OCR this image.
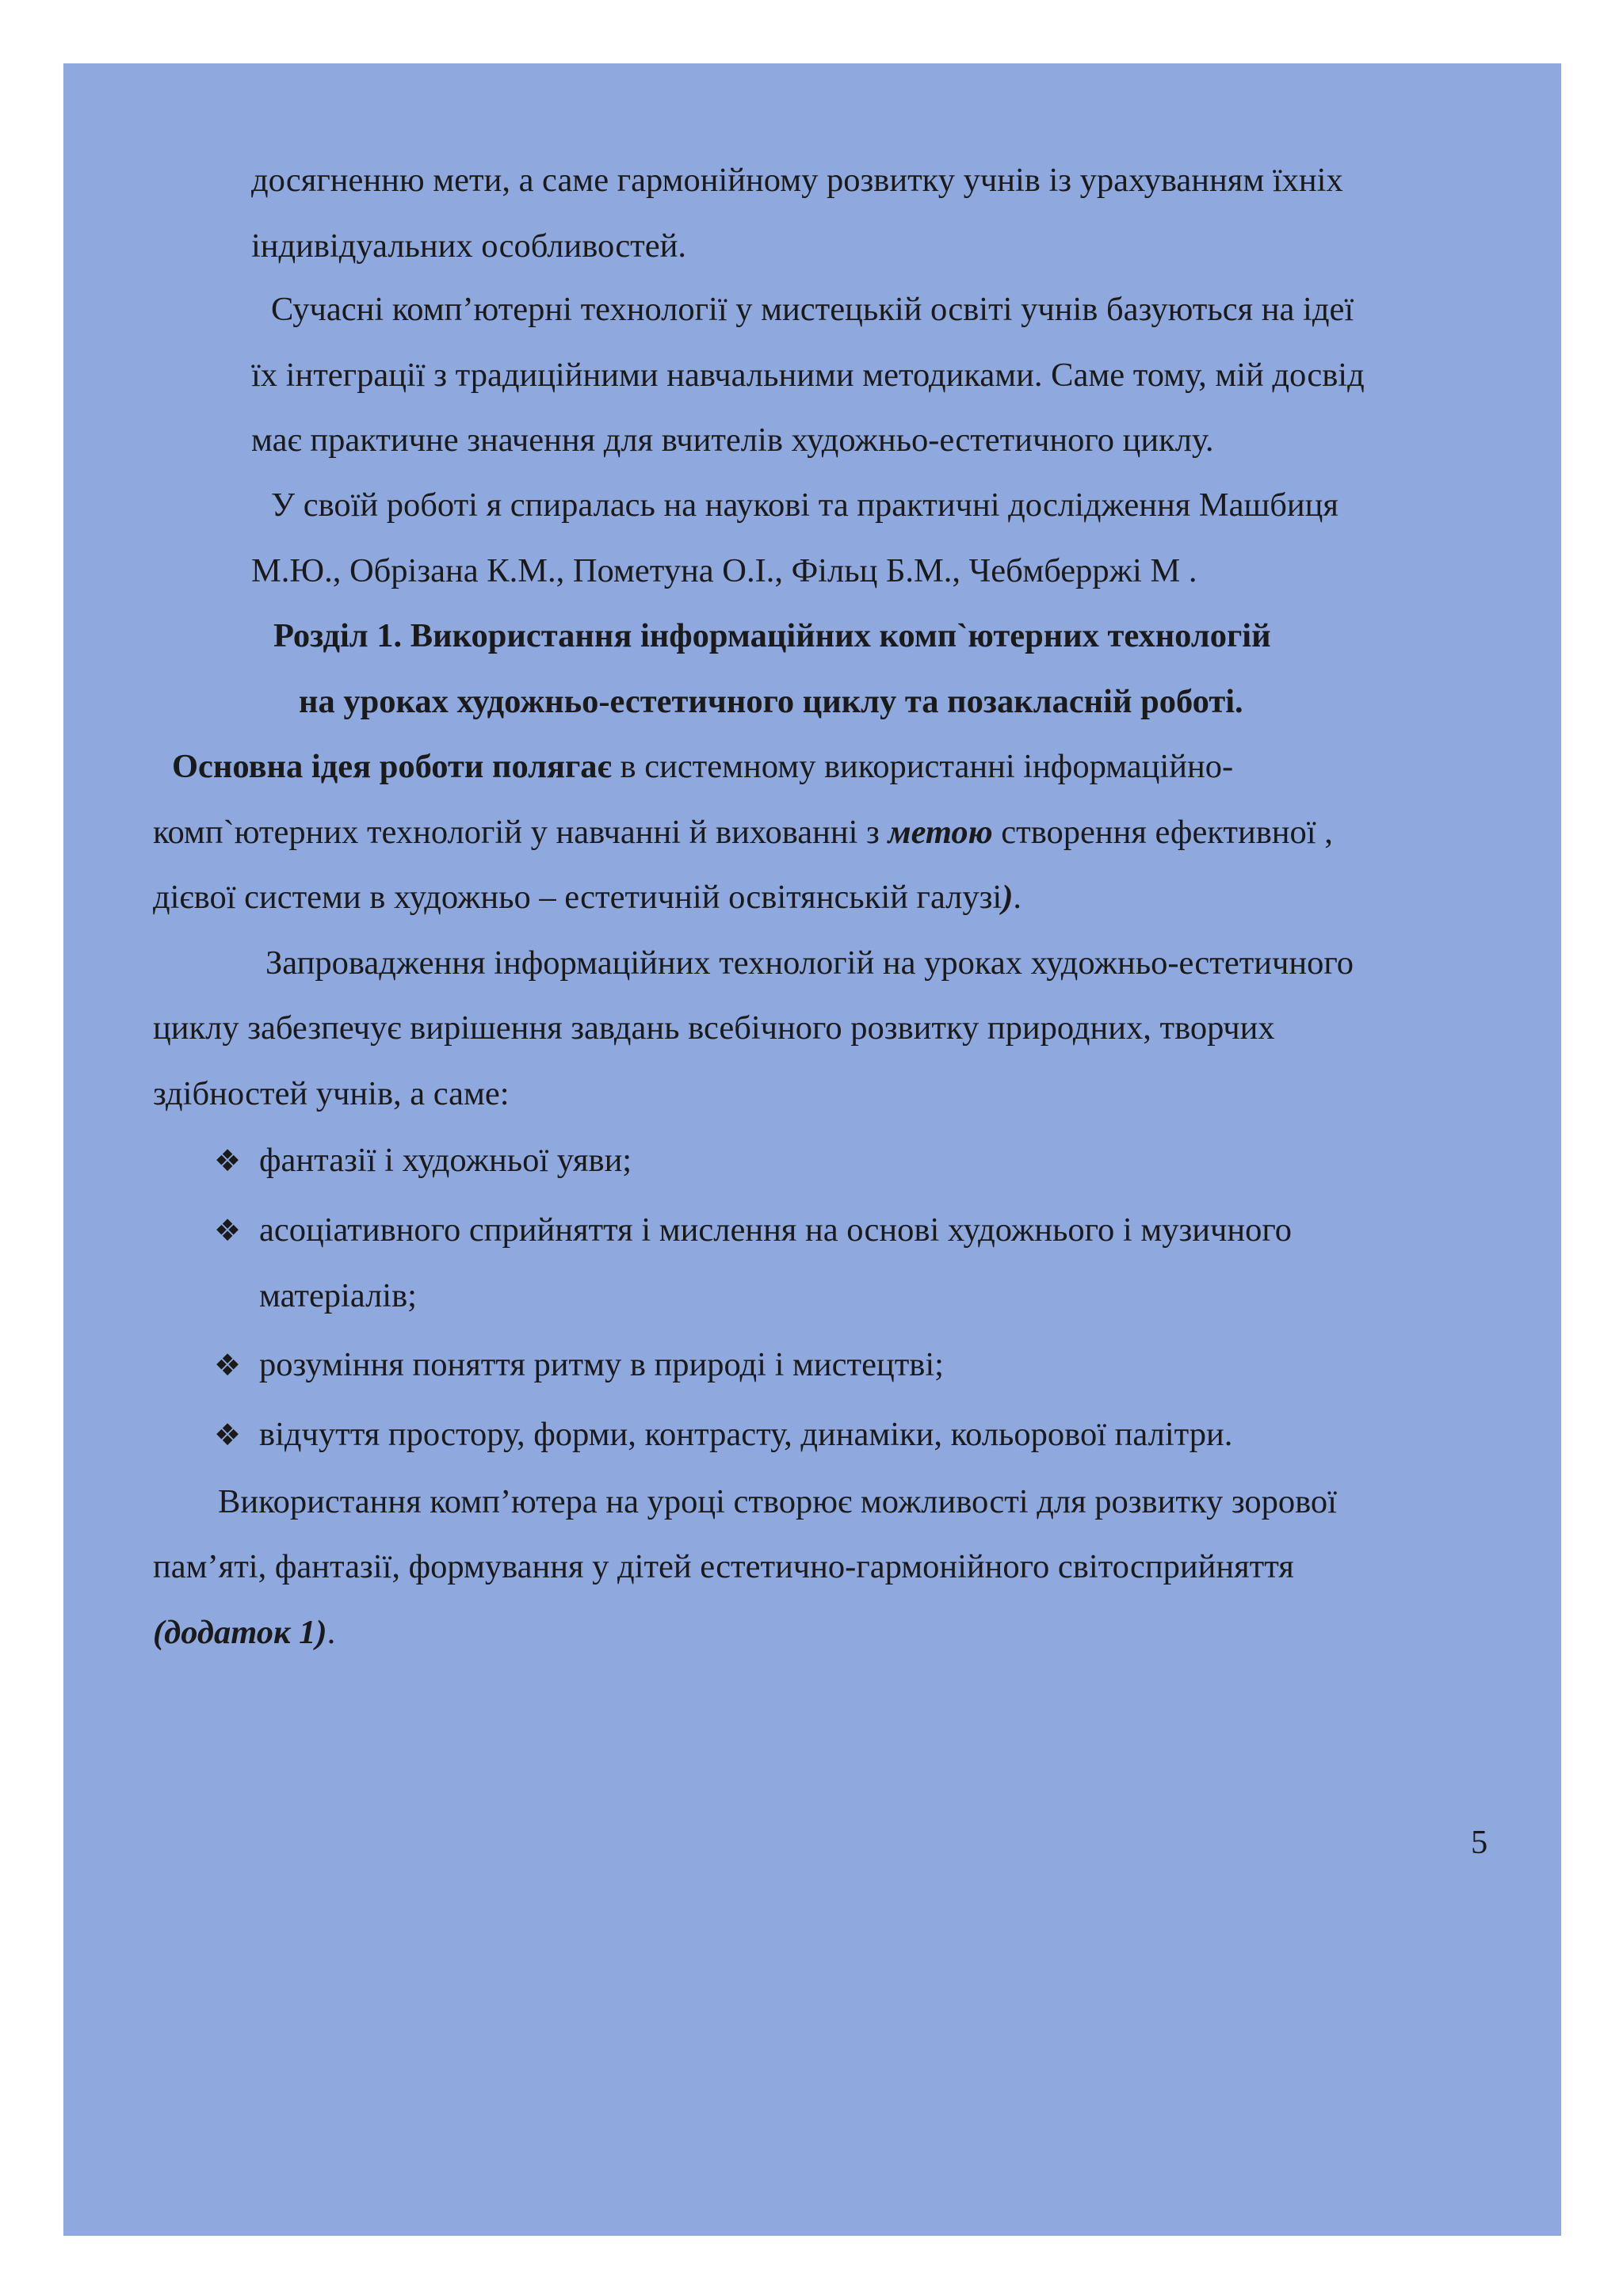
досягненню мети, а саме гармонійному розвитку учнів із урахуванням їхніх

індивідуальних особливостей.

Сучасні комп’ютерні технології у мистецькій освіті учнів базуються на ідеї

їх інтеграції з традиційними навчальними методиками. Саме тому, мій досвід

має практичне значення для вчителів художньо-естетичного циклу.

У своїй роботі я спиралась на наукові та практичні дослідження Машбиця

М.Ю., Обрізана К.М., Пометуна О.І., Фільц Б.М., Чебмберржі М .

Розділ 1. Використання інформаційних комп`ютерних технологій

на уроках художньо-естетичного циклу та позакласній роботі.

Основна ідея роботи полягає в системному використанні інформаційно-

комп`ютерних технологій у навчанні й вихованні з метою створення ефективної ,

дієвої системи в художньо – естетичній освітянській галузі).

Запровадження інформаційних технологій на уроках художньо-естетичного

циклу забезпечує вирішення завдань всебічного розвитку природних, творчих

здібностей учнів, а саме:

❖ фантазії і художньої уяви;

❖ асоціативного сприйняття і мислення на основі художнього і музичного

матеріалів;

❖ розуміння поняття ритму в природі і мистецтві;

❖ відчуття простору, форми, контрасту, динаміки, кольорової палітри.

Використання комп’ютера на уроці створює можливості для розвитку зорової

пам’яті, фантазії, формування у дітей естетично-гармонійного світосприйняття

(додаток 1).

5
